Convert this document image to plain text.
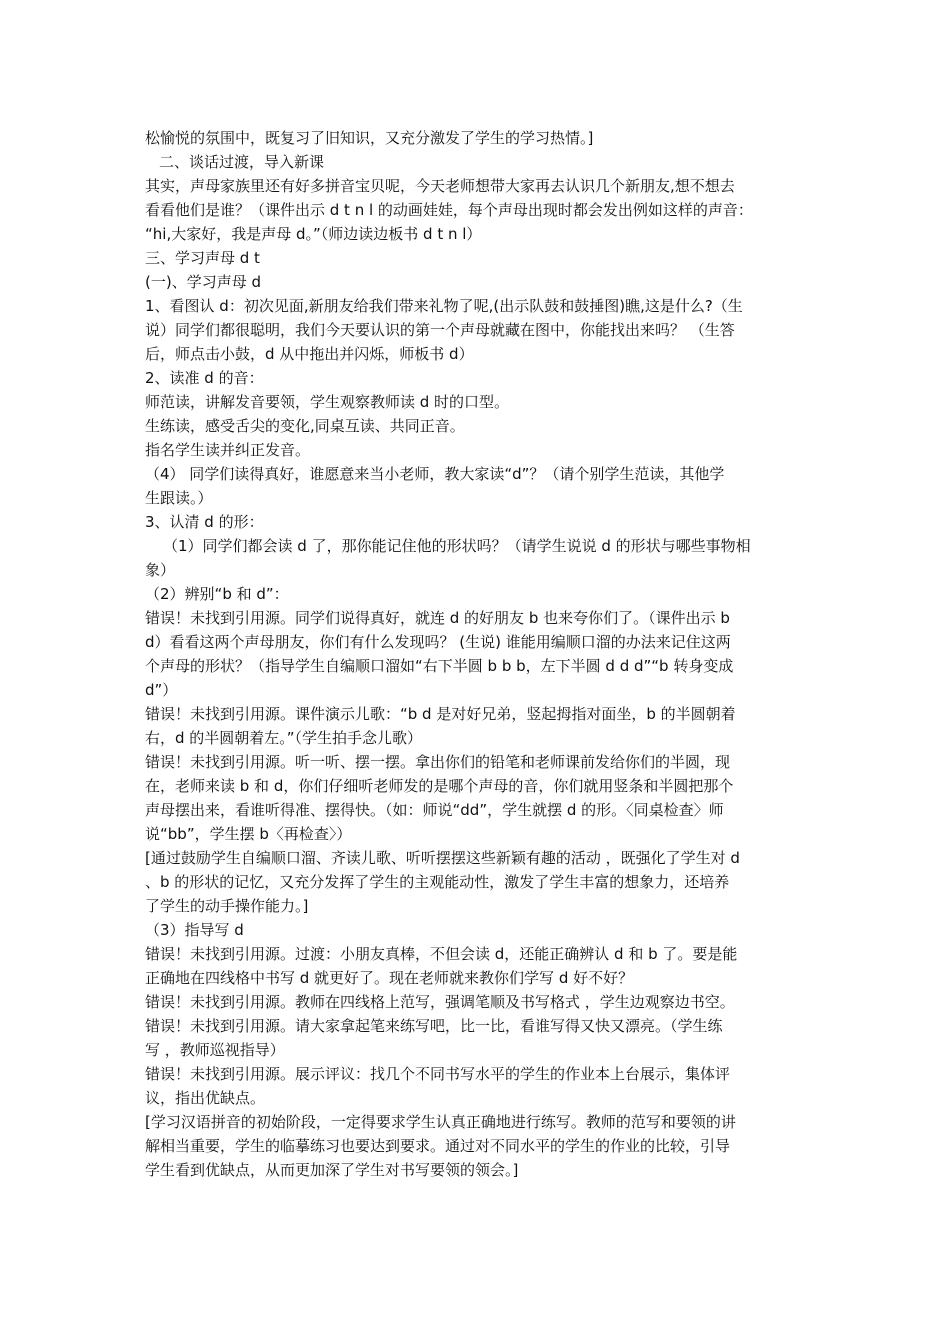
松愉悦的氛围中，既复习了旧知识，又充分激发了学生的学习热情。]
二、谈话过渡，导入新课
其实，声母家族里还有好多拼音宝贝呢，今天老师想带大家再去认识几个新朋友,想不想去
看看他们是谁？（课件出示 d t n l 的动画娃娃，每个声母出现时都会发出例如这样的声音：
“hi,大家好，我是声母 d。”（师边读边板书 d t n l）
三、学习声母 d t
(一)、学习声母 d
1、看图认 d：初次见面,新朋友给我们带来礼物了呢,(出示队鼓和鼓捶图)瞧,这是什么?（生
说）同学们都很聪明，我们今天要认识的第一个声母就藏在图中，你能找出来吗？ （生答
后，师点击小鼓，d 从中拖出并闪烁，师板书 d）
2、读准 d 的音：
师范读，讲解发音要领，学生观察教师读 d 时的口型。
生练读，感受舌尖的变化,同桌互读、共同正音。
指名学生读并纠正发音。
（4） 同学们读得真好，谁愿意来当小老师，教大家读“d”？（请个别学生范读，其他学
生跟读。）
3、认清 d 的形：
（1）同学们都会读 d 了，那你能记住他的形状吗？（请学生说说 d 的形状与哪些事物相
象）
（2）辨别“b 和 d”：
错误！未找到引用源。同学们说得真好，就连 d 的好朋友 b 也来夸你们了。（课件出示 b
d）看看这两个声母朋友，你们有什么发现吗？ (生说) 谁能用编顺口溜的办法来记住这两
个声母的形状？（指导学生自编顺口溜如“右下半圆 b b b，左下半圆 d d d”“b 转身变成
d”）
错误！未找到引用源。课件演示儿歌：“b d 是对好兄弟，竖起拇指对面坐，b 的半圆朝着
右，d 的半圆朝着左。”（学生拍手念儿歌）
错误！未找到引用源。听一听、摆一摆。拿出你们的铅笔和老师课前发给你们的半圆，现
在，老师来读 b 和 d，你们仔细听老师发的是哪个声母的音，你们就用竖条和半圆把那个
声母摆出来，看谁听得准、摆得快。（如：师说“dd”，学生就摆 d 的形。〈同桌检查〉师
说“bb”，学生摆 b〈再检查〉）
[通过鼓励学生自编顺口溜、齐读儿歌、听听摆摆这些新颖有趣的活动 ，既强化了学生对 d
、b 的形状的记忆，又充分发挥了学生的主观能动性，激发了学生丰富的想象力，还培养
了学生的动手操作能力。]
（3）指导写 d
错误！未找到引用源。过渡：小朋友真棒，不但会读 d，还能正确辨认 d 和 b 了。要是能
正确地在四线格中书写 d 就更好了。现在老师就来教你们学写 d 好不好？
错误！未找到引用源。教师在四线格上范写，强调笔顺及书写格式 ，学生边观察边书空。
错误！未找到引用源。请大家拿起笔来练写吧，比一比，看谁写得又快又漂亮。（学生练
写 ，教师巡视指导）
错误！未找到引用源。展示评议：找几个不同书写水平的学生的作业本上台展示，集体评
议，指出优缺点。
[学习汉语拼音的初始阶段，一定得要求学生认真正确地进行练写。教师的范写和要领的讲
解相当重要，学生的临摹练习也要达到要求。通过对不同水平的学生的作业的比较，引导
学生看到优缺点，从而更加深了学生对书写要领的领会。]
